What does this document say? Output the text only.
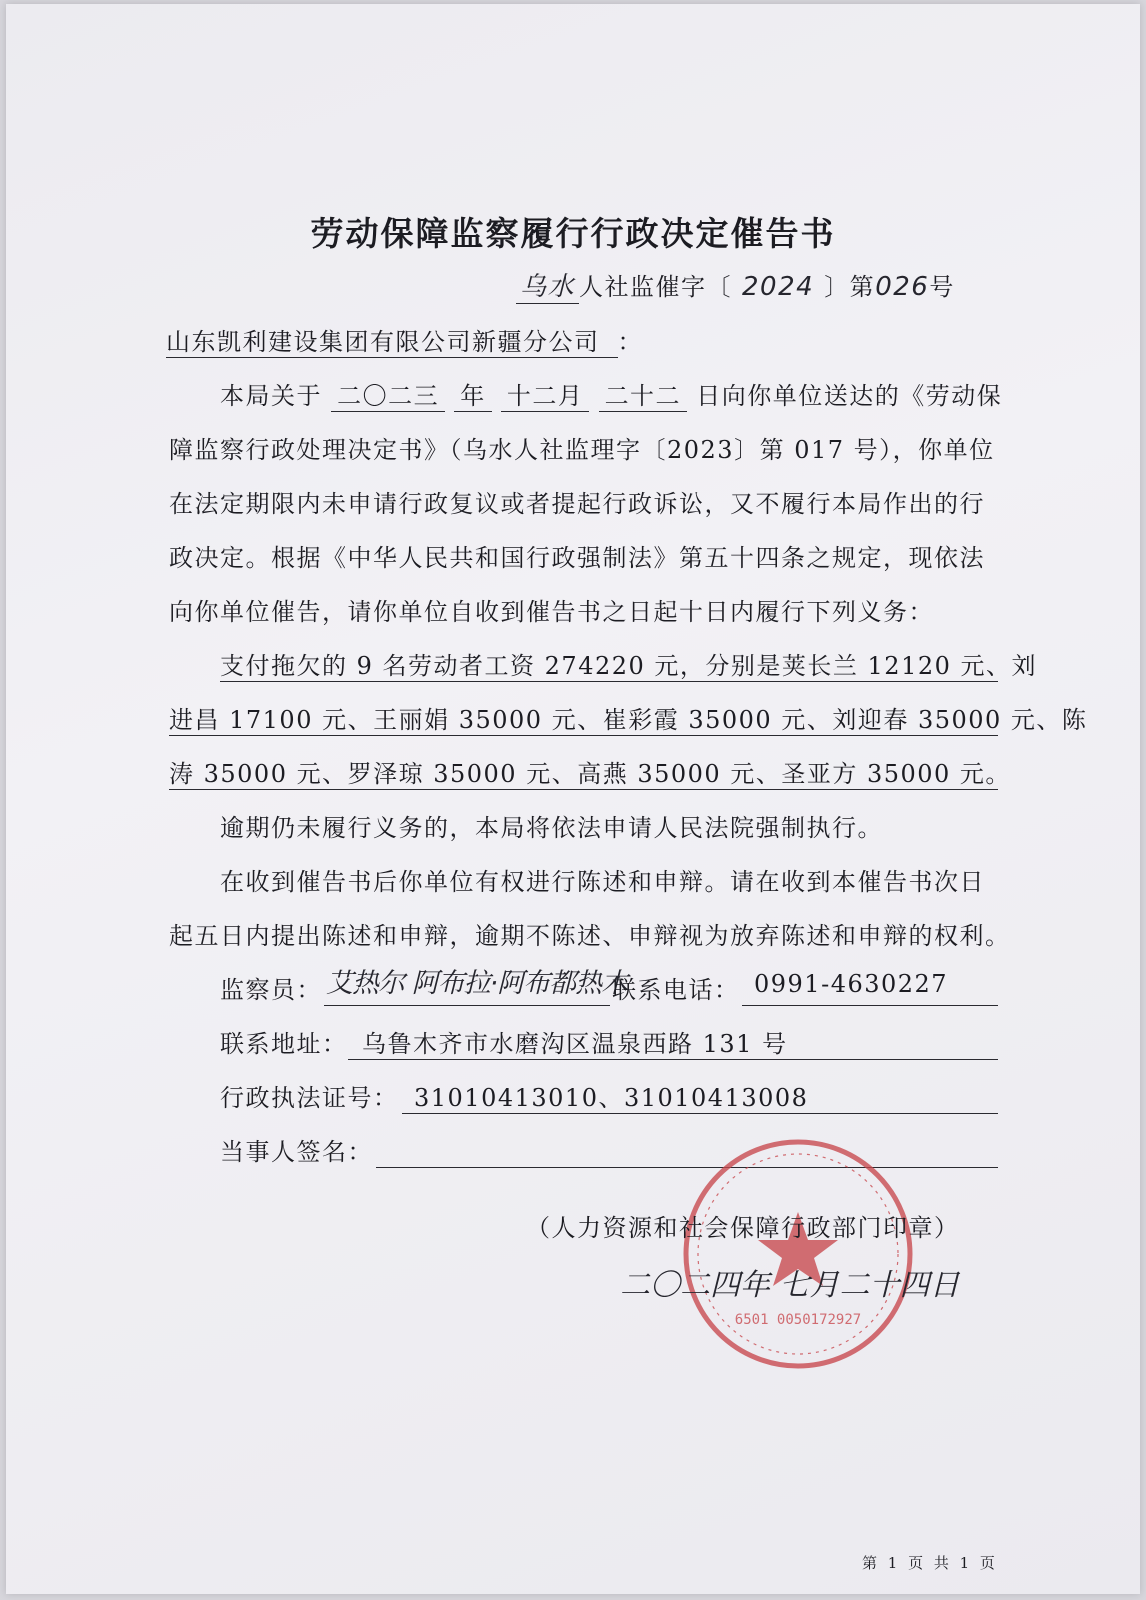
劳动保障监察履行行政决定催告书
乌水 人社监催字〔 2024 〕第026号
山东凯利建设集团有限公司新疆分公司 ：
本局关于 二〇二三 年 十二月 二十二 日向你单位送达的《劳动保
障监察行政处理决定书》（乌水人社监理字〔2023〕第 017 号），你单位
在法定期限内未申请行政复议或者提起行政诉讼，又不履行本局作出的行
政决定。根据《中华人民共和国行政强制法》第五十四条之规定，现依法
向你单位催告，请你单位自收到催告书之日起十日内履行下列义务：
支付拖欠的 9 名劳动者工资 274220 元，分别是荚长兰 12120 元、刘
进昌 17100 元、王丽娟 35000 元、崔彩霞 35000 元、刘迎春 35000 元、陈
涛 35000 元、罗泽琼 35000 元、高燕 35000 元、圣亚方 35000 元。
逾期仍未履行义务的，本局将依法申请人民法院强制执行。
在收到催告书后你单位有权进行陈述和申辩。请在收到本催告书次日
起五日内提出陈述和申辩，逾期不陈述、申辩视为放弃陈述和申辩的权利。
监察员： 艾热尔 阿布拉·阿布都热木
联系电话： 0991-4630227
联系地址： 乌鲁木齐市水磨沟区温泉西路 131 号
行政执法证号： 31010413010、31010413008
当事人签名：
6501 0050172927
（人力资源和社会保障行政部门印章）
二〇二四年 七月二十四日
第 1 页 共 1 页
